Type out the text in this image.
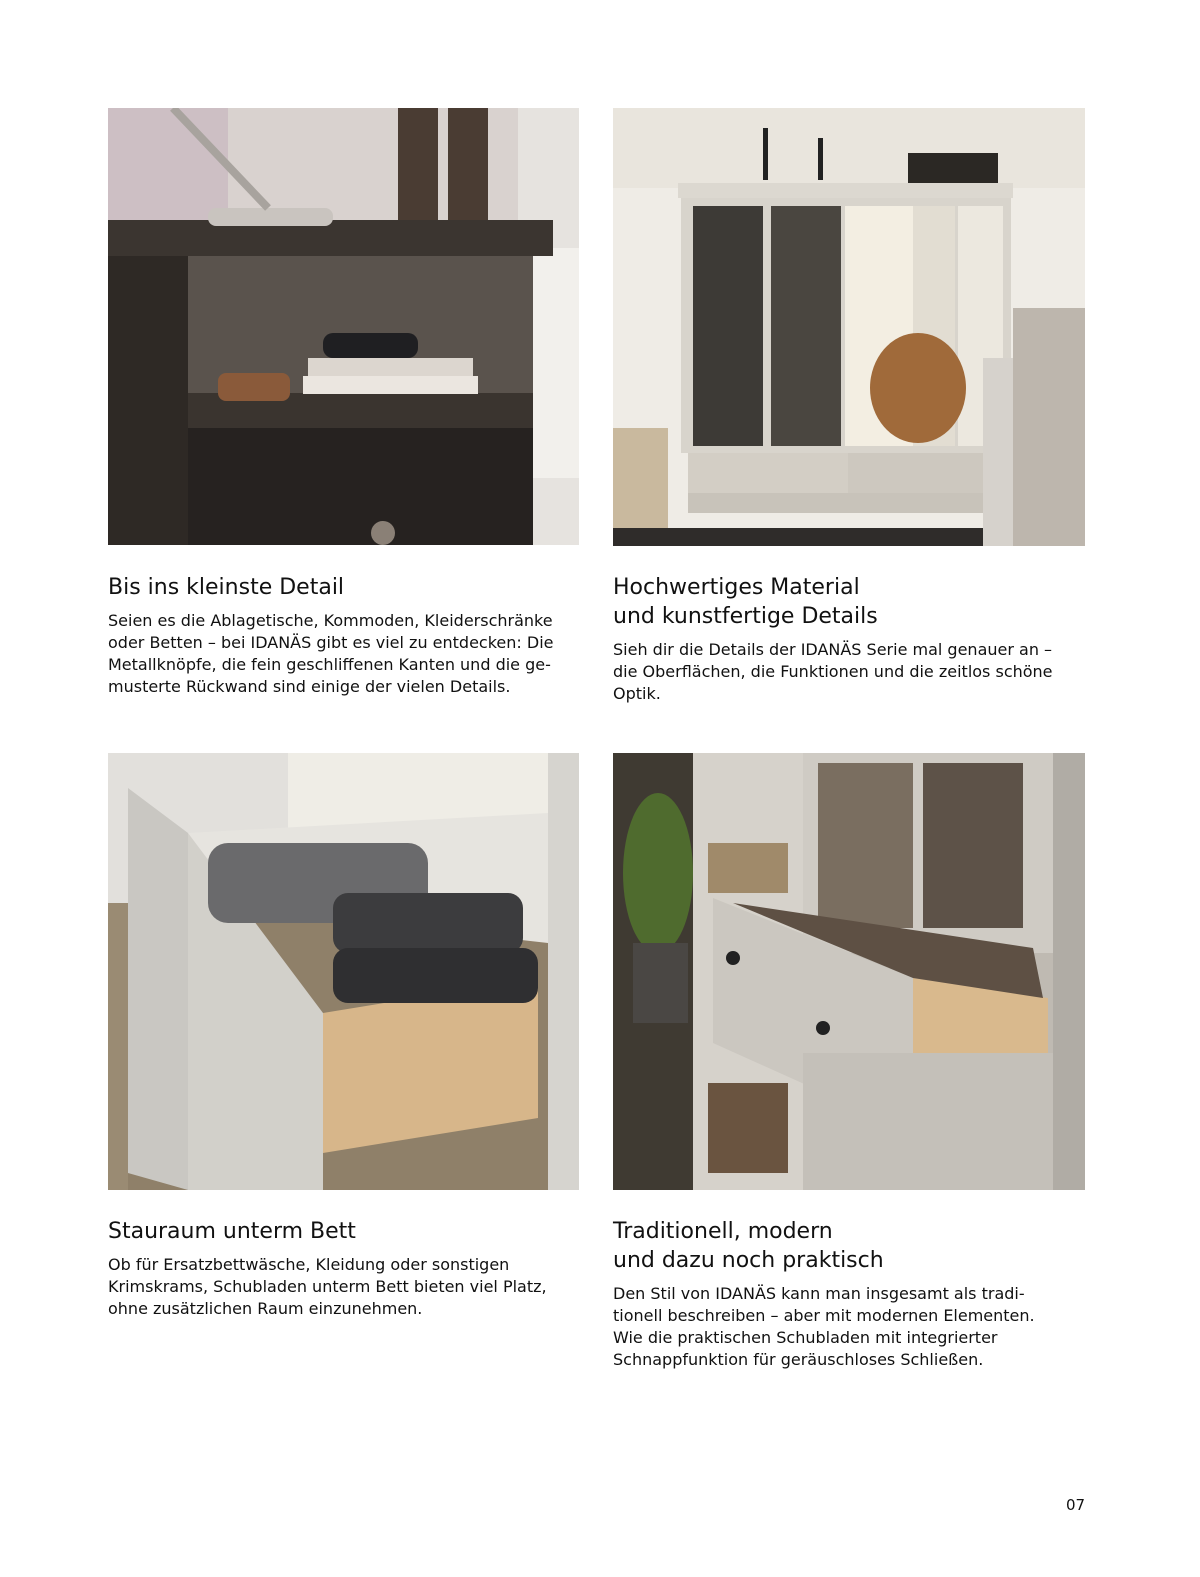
Bis ins kleinste Detail

Seien es die Ablagetische, Kommoden, Kleiderschränke
oder Betten – bei IDANÄS gibt es viel zu entdecken: Die
Metallknöpfe, die fein geschliffenen Kanten und die ge-
musterte Rückwand sind einige der vielen Details.

Hochwertiges Material
und kunstfertige Details

Sieh dir die Details der IDANÄS Serie mal genauer an –
die Oberflächen, die Funktionen und die zeitlos schöne
Optik.

Stauraum unterm Bett

Ob für Ersatzbettwäsche, Kleidung oder sonstigen
Krimskrams, Schubladen unterm Bett bieten viel Platz,
ohne zusätzlichen Raum einzunehmen.

Traditionell, modern
und dazu noch praktisch

Den Stil von IDANÄS kann man insgesamt als tradi-
tionell beschreiben – aber mit modernen Elementen.
Wie die praktischen Schubladen mit integrierter
Schnappfunktion für geräuschloses Schließen.

07
